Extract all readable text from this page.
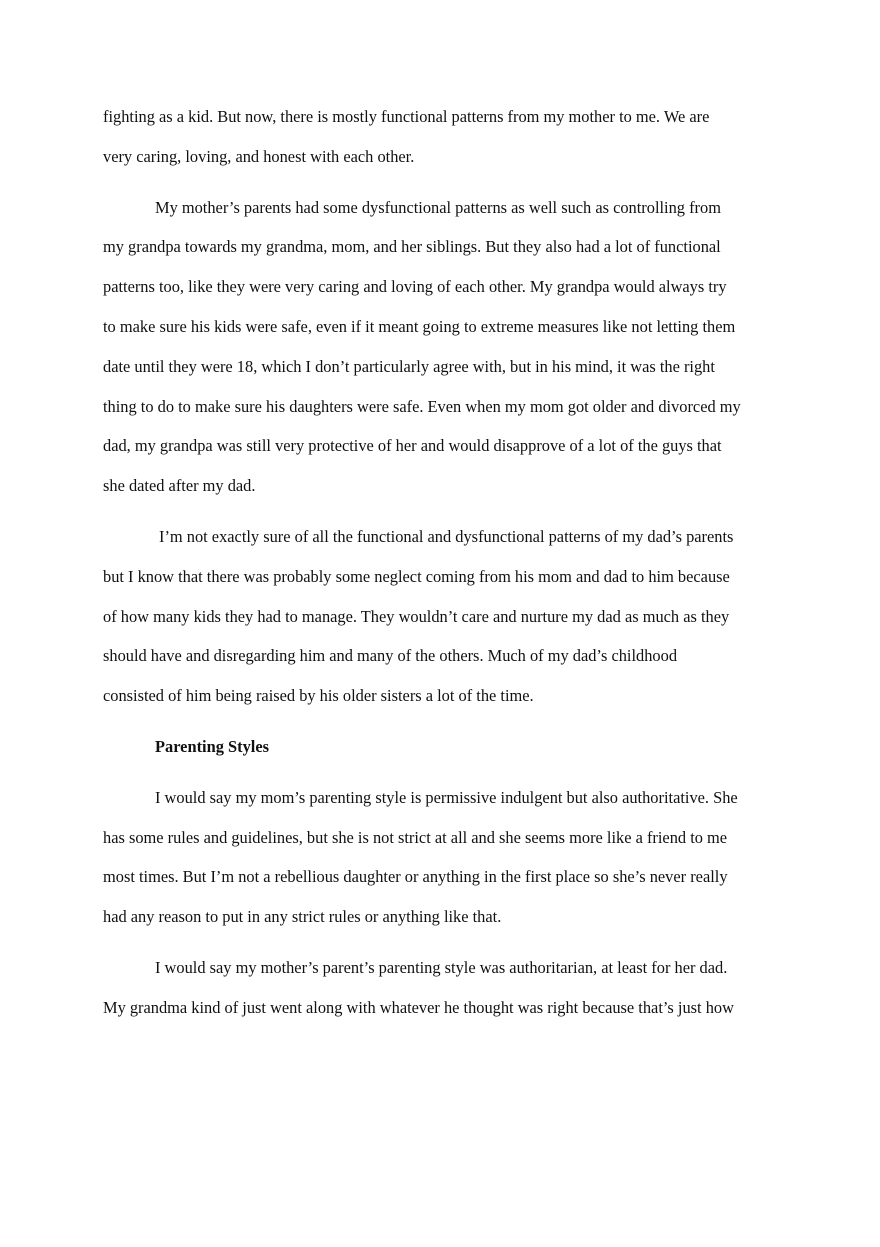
fighting as a kid. But now, there is mostly functional patterns from my mother to me. We are
very caring, loving, and honest with each other.
My mother’s parents had some dysfunctional patterns as well such as controlling from
my grandpa towards my grandma, mom, and her siblings. But they also had a lot of functional
patterns too, like they were very caring and loving of each other. My grandpa would always try
to make sure his kids were safe, even if it meant going to extreme measures like not letting them
date until they were 18, which I don’t particularly agree with, but in his mind, it was the right
thing to do to make sure his daughters were safe. Even when my mom got older and divorced my
dad, my grandpa was still very protective of her and would disapprove of a lot of the guys that
she dated after my dad.
I’m not exactly sure of all the functional and dysfunctional patterns of my dad’s parents
but I know that there was probably some neglect coming from his mom and dad to him because
of how many kids they had to manage. They wouldn’t care and nurture my dad as much as they
should have and disregarding him and many of the others. Much of my dad’s childhood
consisted of him being raised by his older sisters a lot of the time.
Parenting Styles
I would say my mom’s parenting style is permissive indulgent but also authoritative. She
has some rules and guidelines, but she is not strict at all and she seems more like a friend to me
most times. But I’m not a rebellious daughter or anything in the first place so she’s never really
had any reason to put in any strict rules or anything like that.
I would say my mother’s parent’s parenting style was authoritarian, at least for her dad.
My grandma kind of just went along with whatever he thought was right because that’s just how
